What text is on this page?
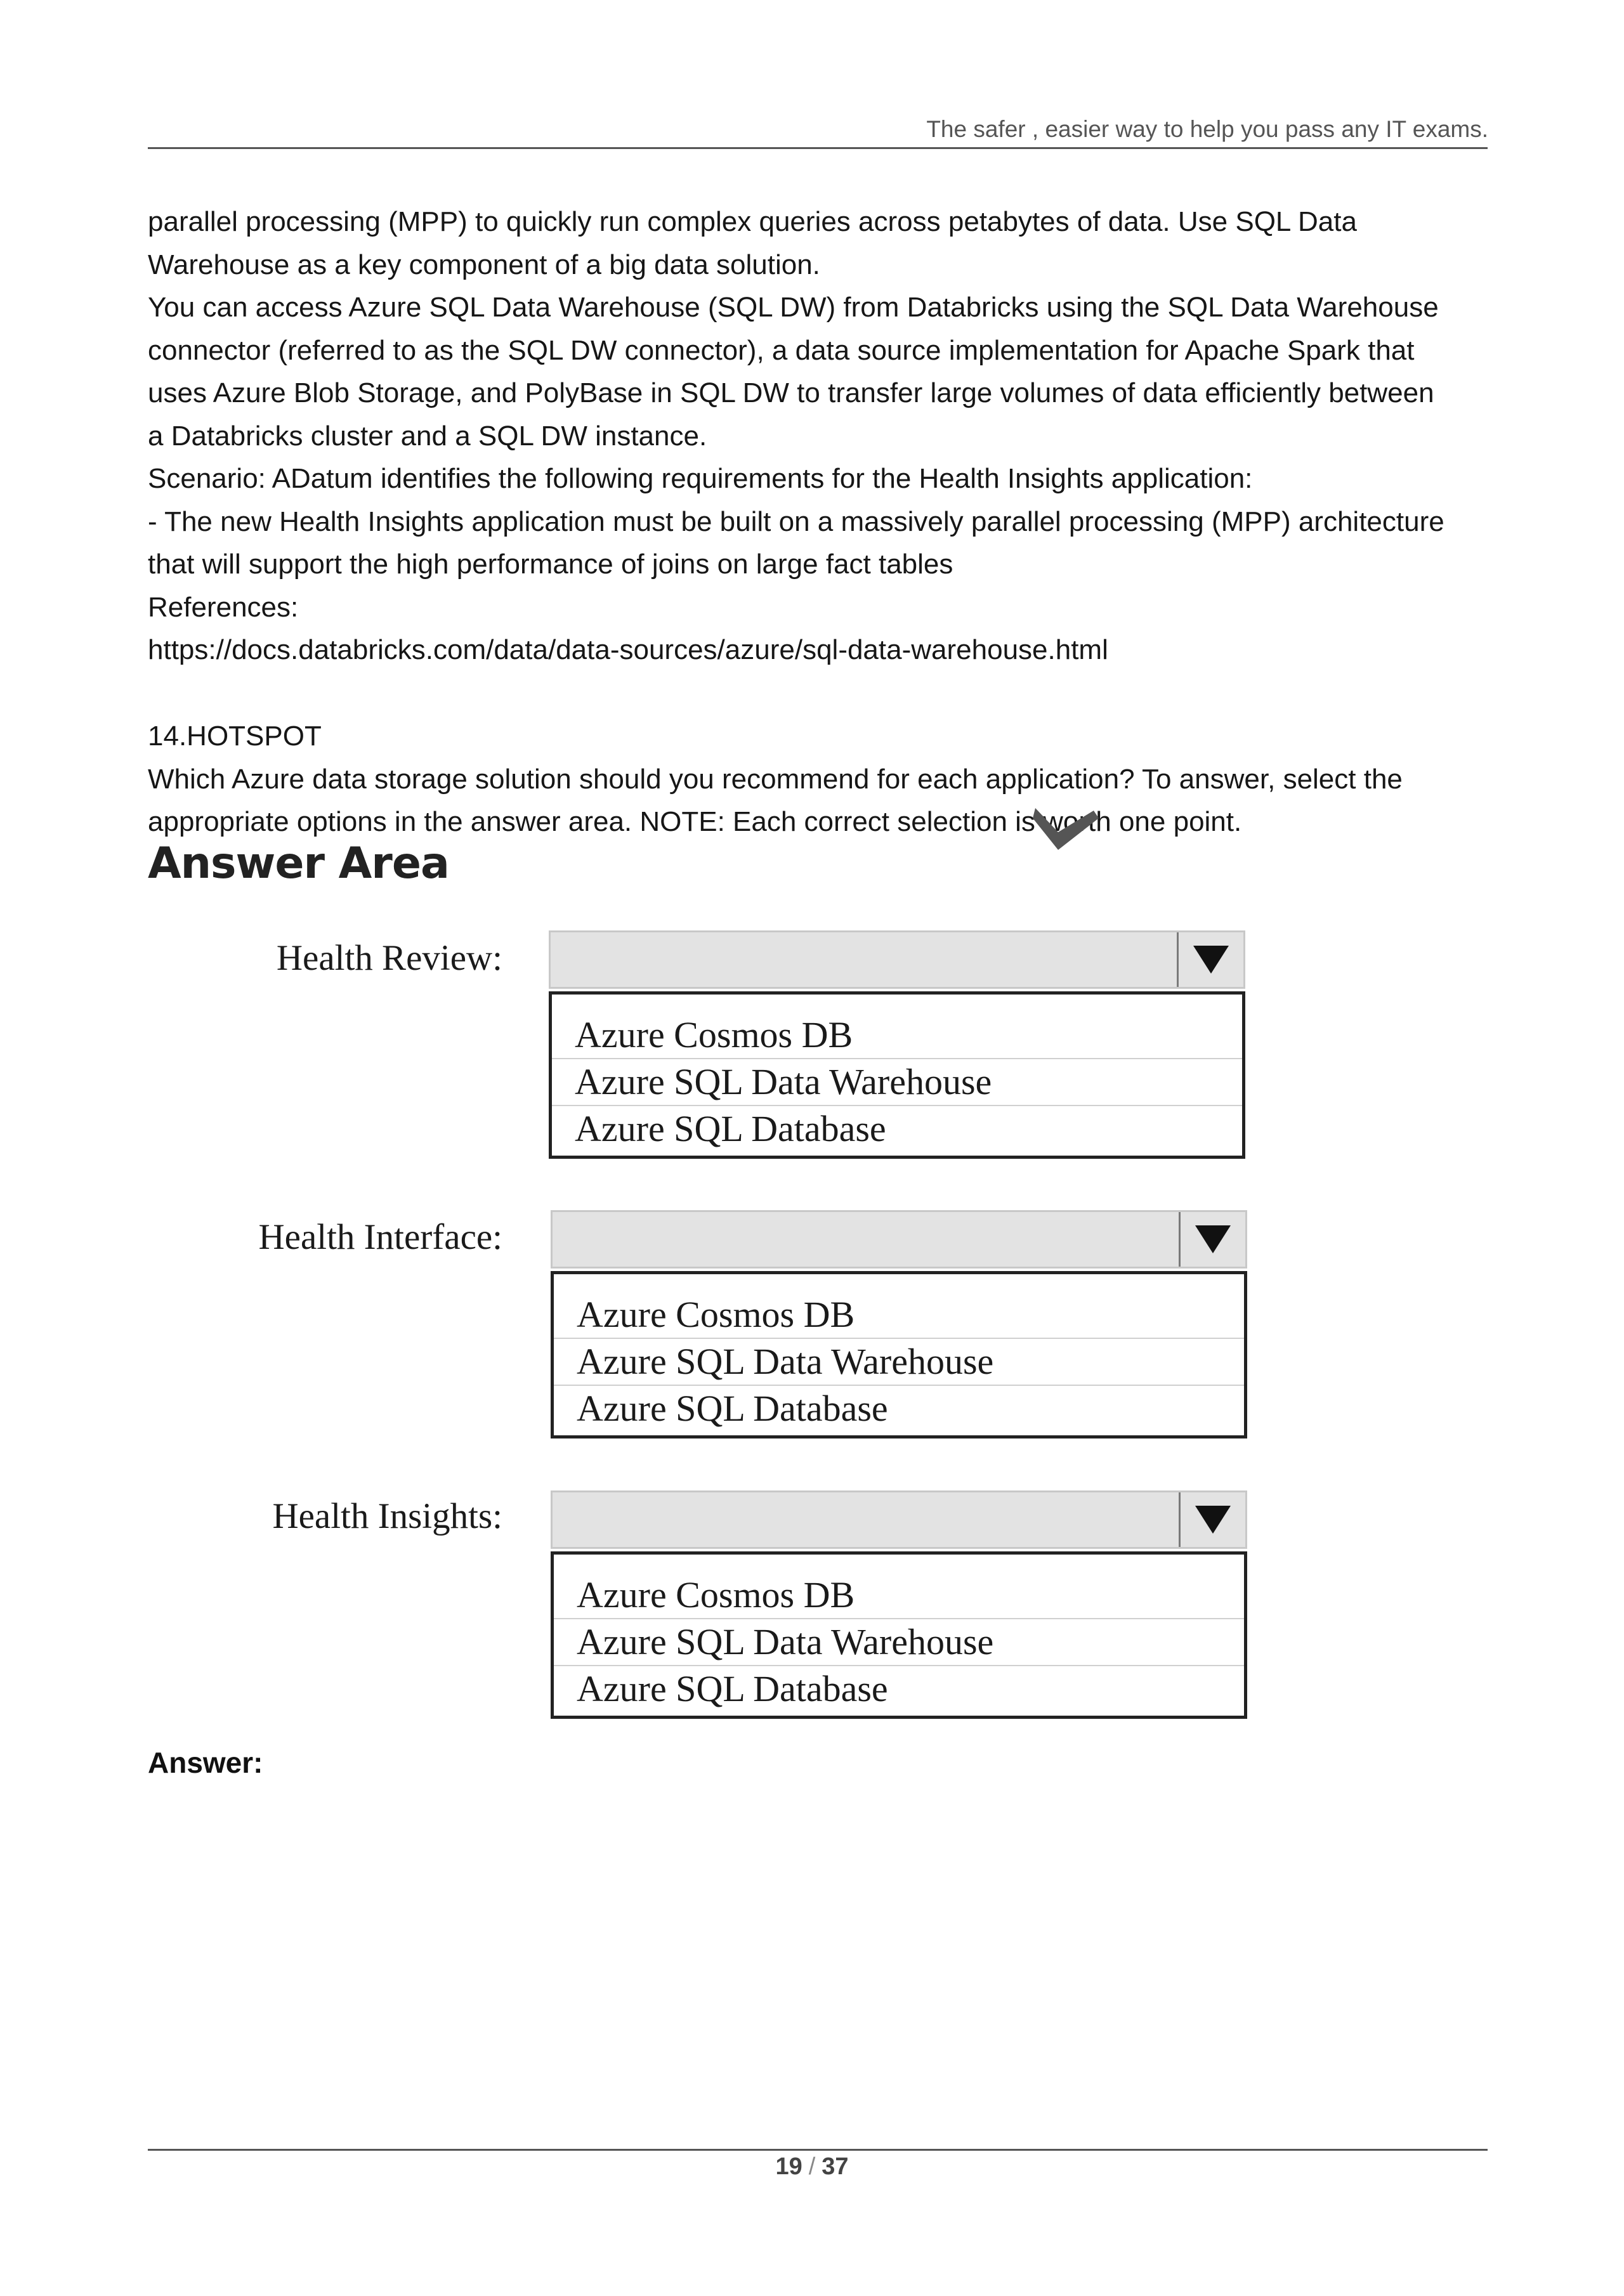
The safer , easier way to help you pass any IT exams.
parallel processing (MPP) to quickly run complex queries across petabytes of data. Use SQL Data
Warehouse as a key component of a big data solution.
You can access Azure SQL Data Warehouse (SQL DW) from Databricks using the SQL Data Warehouse
connector (referred to as the SQL DW connector), a data source implementation for Apache Spark that
uses Azure Blob Storage, and PolyBase in SQL DW to transfer large volumes of data efficiently between
a Databricks cluster and a SQL DW instance.
Scenario: ADatum identifies the following requirements for the Health Insights application:
- The new Health Insights application must be built on a massively parallel processing (MPP) architecture
that will support the high performance of joins on large fact tables
References:
https://docs.databricks.com/data/data-sources/azure/sql-data-warehouse.html
14.HOTSPOT
Which Azure data storage solution should you recommend for each application? To answer, select the
appropriate options in the answer area. NOTE: Each correct selection is worth one point.
Answer Area
Health Review:
Azure Cosmos DB
Azure SQL Data Warehouse
Azure SQL Database
Health Interface:
Azure Cosmos DB
Azure SQL Data Warehouse
Azure SQL Database
Health Insights:
Azure Cosmos DB
Azure SQL Data Warehouse
Azure SQL Database
Answer:
19 / 37
